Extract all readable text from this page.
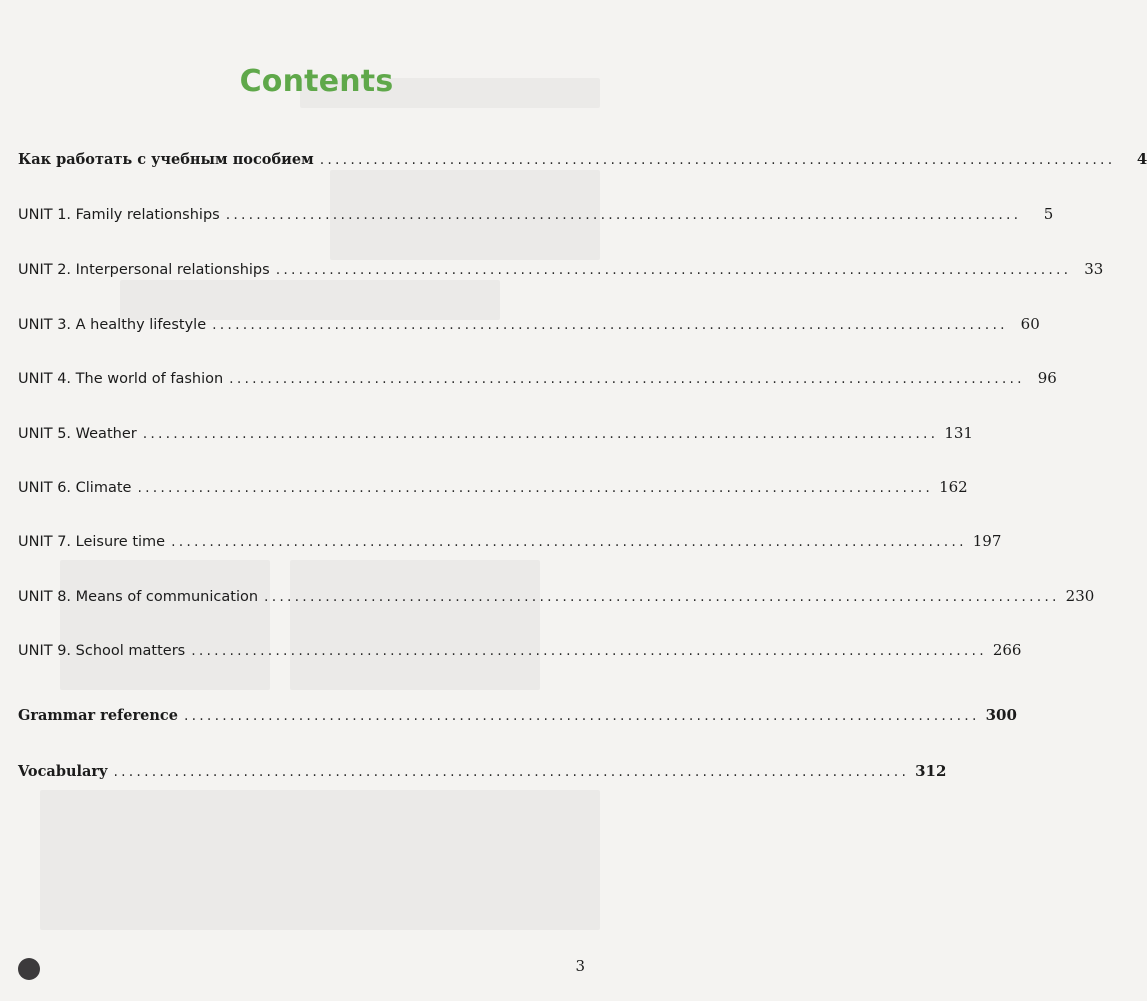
Contents
Как работать с учебным пособием ........................................................................................................	4
UNIT 1. Family relationships ........................................................................................................	5
UNIT 2. Interpersonal relationships ........................................................................................................ 33
UNIT 3. A healthy lifestyle ........................................................................................................ 60
UNIT 4. The world of fashion ........................................................................................................ 96
UNIT 5. Weather ........................................................................................................ 131
UNIT 6. Climate ........................................................................................................ 162
UNIT 7. Leisure time ........................................................................................................ 197
UNIT 8. Means of communication ........................................................................................................ 230
UNIT 9. School matters ........................................................................................................ 266
Grammar reference ........................................................................................................ 300
Vocabulary ........................................................................................................ 312
3
